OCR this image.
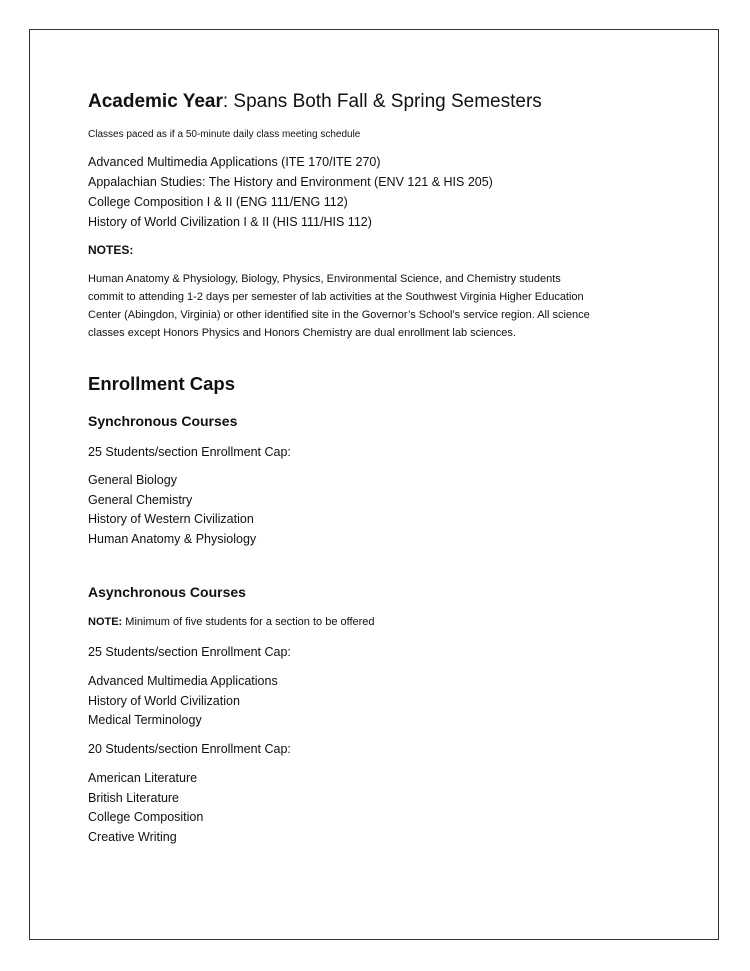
Academic Year: Spans Both Fall & Spring Semesters
Classes paced as if a 50-minute daily class meeting schedule
Advanced Multimedia Applications (ITE 170/ITE 270)
Appalachian Studies: The History and Environment (ENV 121 & HIS 205)
College Composition I & II (ENG 111/ENG 112)
History of World Civilization I & II (HIS 111/HIS 112)
NOTES:
Human Anatomy & Physiology, Biology, Physics, Environmental Science, and Chemistry students
commit to attending 1-2 days per semester of lab activities at the Southwest Virginia Higher Education
Center (Abingdon, Virginia) or other identified site in the Governor’s School’s service region. All science
classes except Honors Physics and Honors Chemistry are dual enrollment lab sciences.
Enrollment Caps
Synchronous Courses
25 Students/section Enrollment Cap:
General Biology
General Chemistry
History of Western Civilization
Human Anatomy & Physiology
Asynchronous Courses
NOTE: Minimum of five students for a section to be offered
25 Students/section Enrollment Cap:
Advanced Multimedia Applications
History of World Civilization
Medical Terminology
20 Students/section Enrollment Cap:
American Literature
British Literature
College Composition
Creative Writing
